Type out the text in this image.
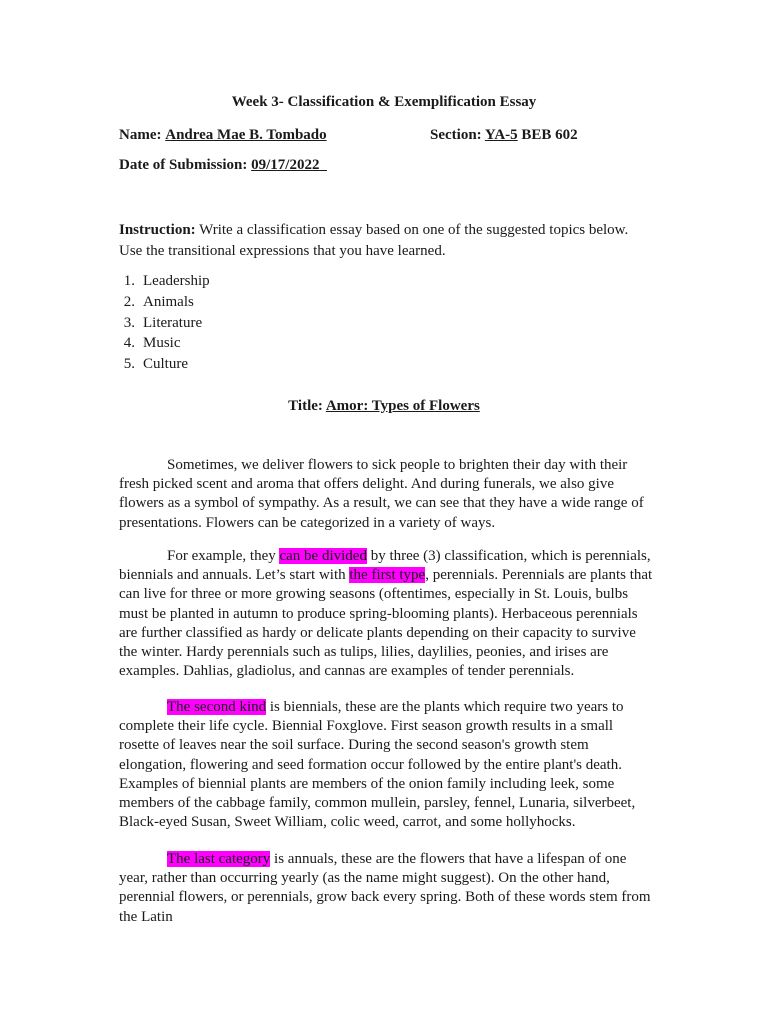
Week 3- Classification & Exemplification Essay
Name: Andrea Mae B. Tombado	Section: YA-5 BEB 602
Date of Submission: 09/17/2022
Instruction: Write a classification essay based on one of the suggested topics below. Use the transitional expressions that you have learned.
1. Leadership
2. Animals
3. Literature
4. Music
5. Culture
Title: Amor: Types of Flowers

Sometimes, we deliver flowers to sick people to brighten their day with their fresh picked scent and aroma that offers delight. And during funerals, we also give flowers as a symbol of sympathy. As a result, we can see that they have a wide range of presentations. Flowers can be categorized in a variety of ways.

For example, they can be divided by three (3) classification, which is perennials, biennials and annuals. Let’s start with the first type, perennials. Perennials are plants that can live for three or more growing seasons (oftentimes, especially in St. Louis, bulbs must be planted in autumn to produce spring-blooming plants). Herbaceous perennials are further classified as hardy or delicate plants depending on their capacity to survive the winter. Hardy perennials such as tulips, lilies, daylilies, peonies, and irises are examples. Dahlias, gladiolus, and cannas are examples of tender perennials.

The second kind is biennials, these are the plants which require two years to complete their life cycle. Biennial Foxglove. First season growth results in a small rosette of leaves near the soil surface. During the second season's growth stem elongation, flowering and seed formation occur followed by the entire plant's death. Examples of biennial plants are members of the onion family including leek, some members of the cabbage family, common mullein, parsley, fennel, Lunaria, silverbeet, Black-eyed Susan, Sweet William, colic weed, carrot, and some hollyhocks.

The last category is annuals, these are the flowers that have a lifespan of one year, rather than occurring yearly (as the name might suggest). On the other hand, perennial flowers, or perennials, grow back every spring. Both of these words stem from the Latin
